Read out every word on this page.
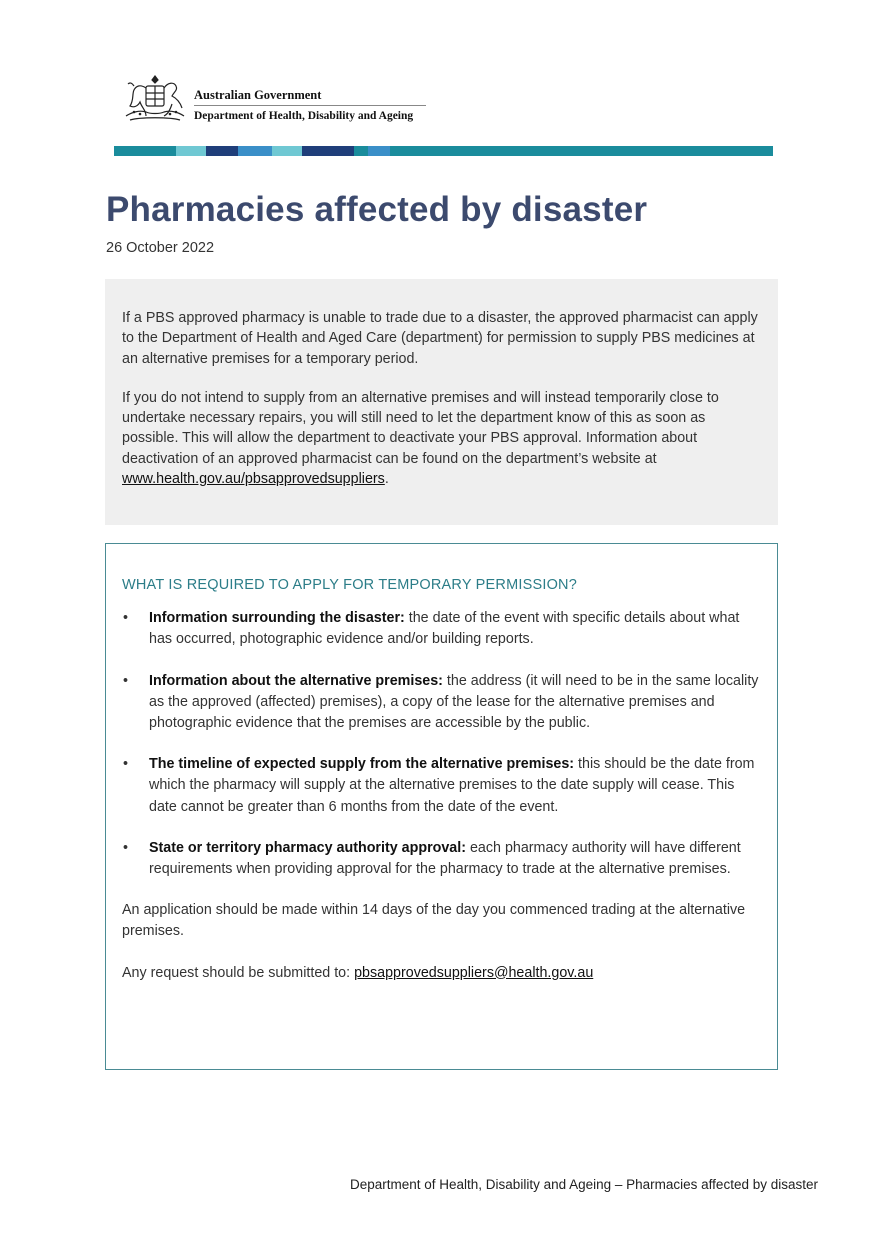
Australian Government
Department of Health, Disability and Ageing
Pharmacies affected by disaster
26 October 2022

If a PBS approved pharmacy is unable to trade due to a disaster, the approved pharmacist can apply to the Department of Health and Aged Care (department) for permission to supply PBS medicines at an alternative premises for a temporary period.

If you do not intend to supply from an alternative premises and will instead temporarily close to undertake necessary repairs, you will still need to let the department know of this as soon as possible. This will allow the department to deactivate your PBS approval. Information about deactivation of an approved pharmacist can be found on the department’s website at www.health.gov.au/pbsapprovedsuppliers.

WHAT IS REQUIRED TO APPLY FOR TEMPORARY PERMISSION?
• Information surrounding the disaster: the date of the event with specific details about what has occurred, photographic evidence and/or building reports.
• Information about the alternative premises: the address (it will need to be in the same locality as the approved (affected) premises), a copy of the lease for the alternative premises and photographic evidence that the premises are accessible by the public.
• The timeline of expected supply from the alternative premises: this should be the date from which the pharmacy will supply at the alternative premises to the date supply will cease. This date cannot be greater than 6 months from the date of the event.
• State or territory pharmacy authority approval: each pharmacy authority will have different requirements when providing approval for the pharmacy to trade at the alternative premises.

An application should be made within 14 days of the day you commenced trading at the alternative premises.

Any request should be submitted to: pbsapprovedsuppliers@health.gov.au

Department of Health, Disability and Ageing – Pharmacies affected by disaster
